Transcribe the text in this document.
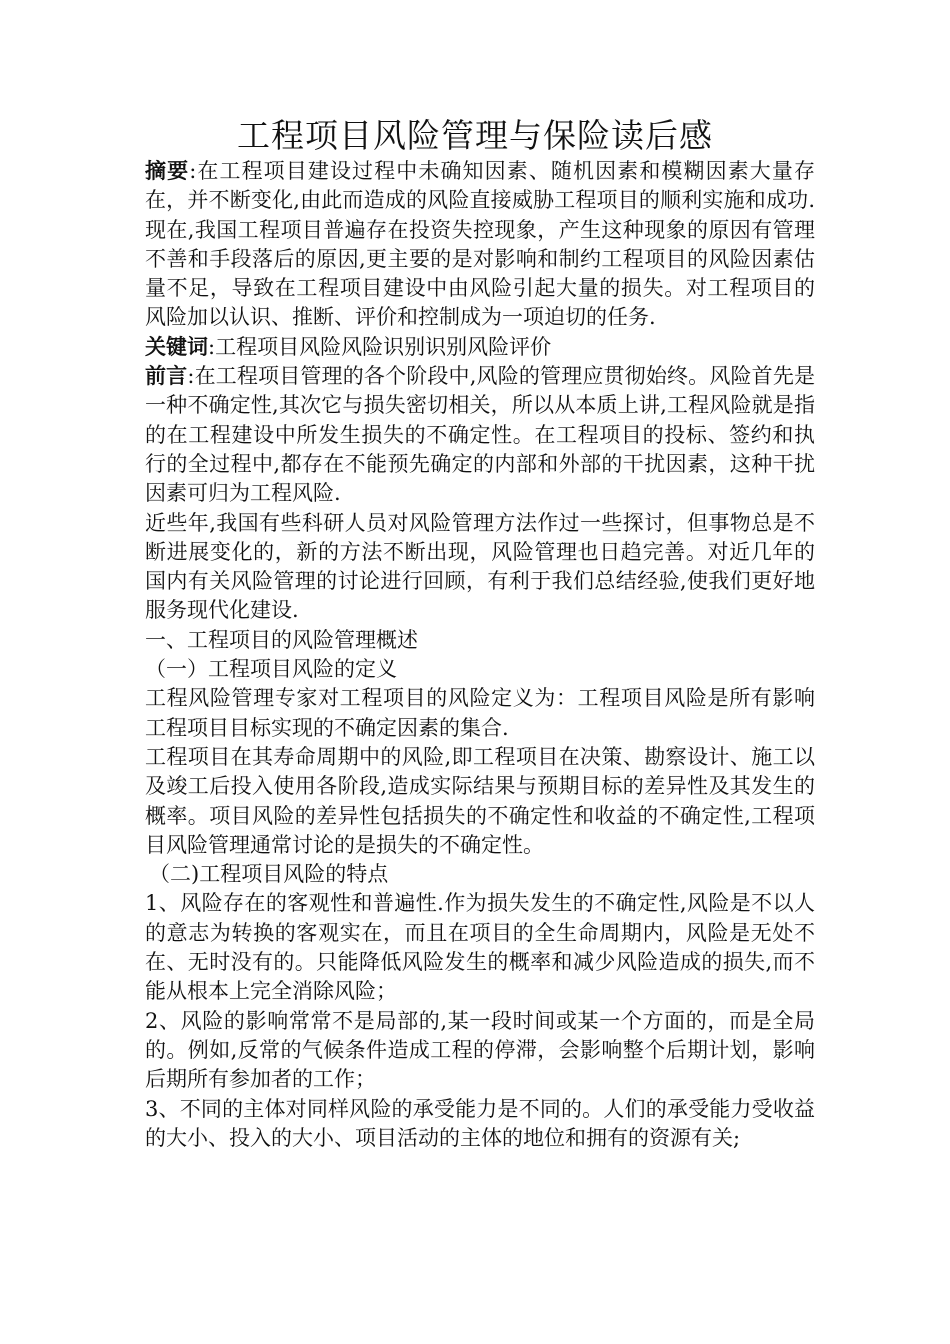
工程项目风险管理与保险读后感

摘要:在工程项目建设过程中未确知因素、随机因素和模糊因素大量存在，并不断变化,由此而造成的风险直接威胁工程项目的顺利实施和成功.现在,我国工程项目普遍存在投资失控现象，产生这种现象的原因有管理不善和手段落后的原因,更主要的是对影响和制约工程项目的风险因素估量不足，导致在工程项目建设中由风险引起大量的损失。对工程项目的风险加以认识、推断、评价和控制成为一项迫切的任务.

关键词:工程项目风险风险识别识别风险评价

前言:在工程项目管理的各个阶段中,风险的管理应贯彻始终。风险首先是一种不确定性,其次它与损失密切相关，所以从本质上讲,工程风险就是指的在工程建设中所发生损失的不确定性。在工程项目的投标、签约和执行的全过程中,都存在不能预先确定的内部和外部的干扰因素，这种干扰因素可归为工程风险.

近些年,我国有些科研人员对风险管理方法作过一些探讨，但事物总是不断进展变化的，新的方法不断出现，风险管理也日趋完善。对近几年的国内有关风险管理的讨论进行回顾，有利于我们总结经验,使我们更好地服务现代化建设.

一、工程项目的风险管理概述

（一）工程项目风险的定义

工程风险管理专家对工程项目的风险定义为：工程项目风险是所有影响工程项目目标实现的不确定因素的集合.

工程项目在其寿命周期中的风险,即工程项目在决策、勘察设计、施工以及竣工后投入使用各阶段,造成实际结果与预期目标的差异性及其发生的概率。项目风险的差异性包括损失的不确定性和收益的不确定性,工程项目风险管理通常讨论的是损失的不确定性。

（二)工程项目风险的特点

1、风险存在的客观性和普遍性.作为损失发生的不确定性,风险是不以人的意志为转换的客观实在，而且在项目的全生命周期内，风险是无处不在、无时没有的。只能降低风险发生的概率和减少风险造成的损失,而不能从根本上完全消除风险；

2、风险的影响常常不是局部的,某一段时间或某一个方面的，而是全局的。例如,反常的气候条件造成工程的停滞，会影响整个后期计划，影响后期所有参加者的工作；

3、不同的主体对同样风险的承受能力是不同的。人们的承受能力受收益的大小、投入的大小、项目活动的主体的地位和拥有的资源有关;
